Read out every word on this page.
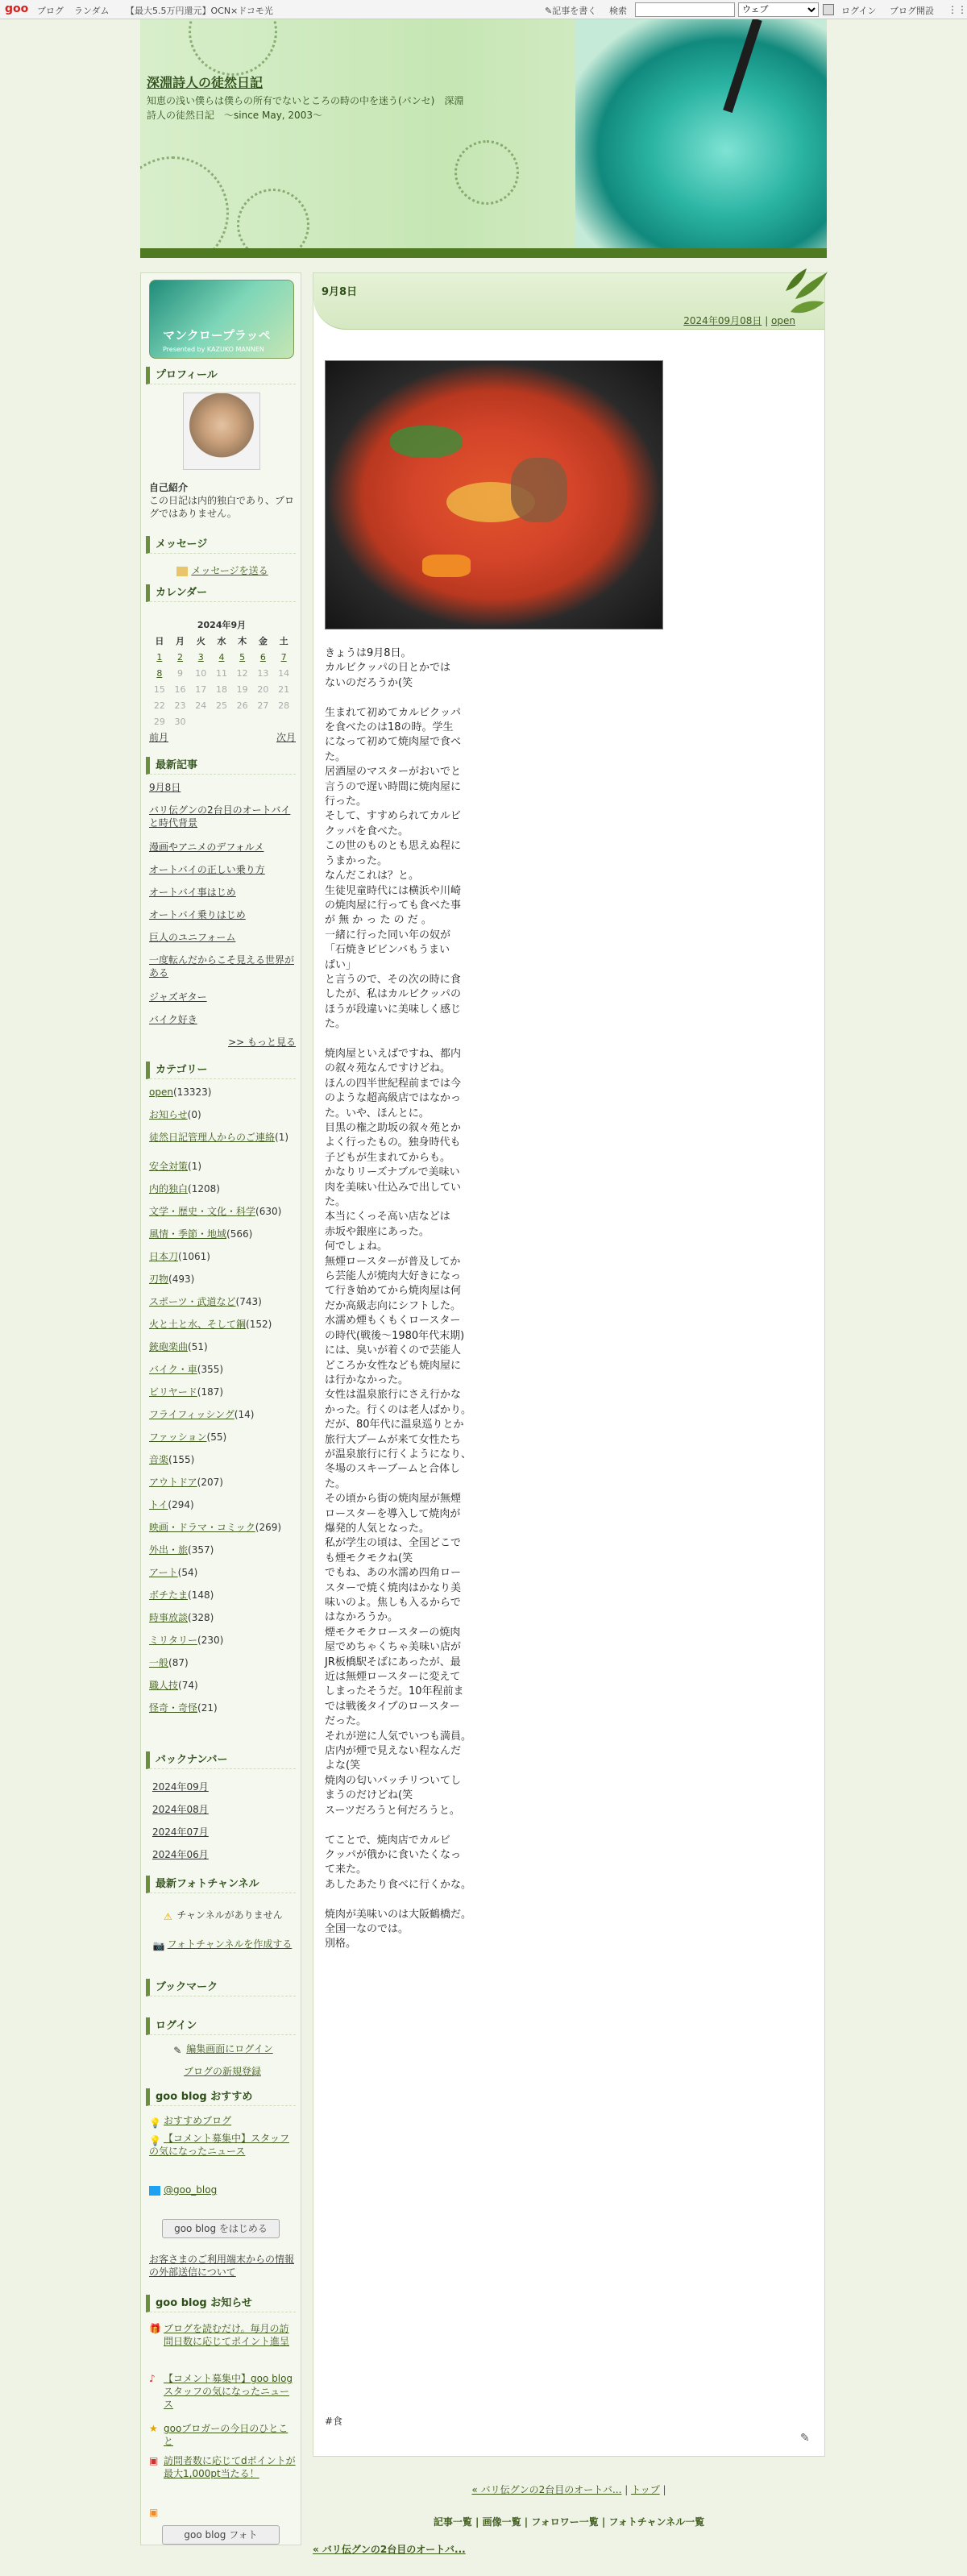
goo ブログ ランダム 【最大5.5万円還元】OCN×ドコモ光	✎記事を書く 検索
ウェブ	ログイン ブログ開設 ⋮⋮
深淵詩人の徒然日記
知恵の浅い僕らは僕らの所有でないところの時の中を迷う(パンセ)　深淵詩人の徒然日記　～since May, 2003～
マンクロープラッペ
Presented by KAZUKO MANNEN
プロフィール
自己紹介
この日記は内的独白であり、ブログではありません。
メッセージ
メッセージを送る
カレンダー
2024年9月						
日	月	火	水	木	金	土
1	2	3	4	5	6	7
8	9	10	11	12	13	14
15	16	17	18	19	20	21
22	23	24	25	26	27	28
29	30					
前月	次月
最新記事
9月8日
バリ伝グンの2台目のオートバイと時代背景
漫画やアニメのデフォルメ
オートバイの正しい乗り方
オートバイ事はじめ
オートバイ乗りはじめ
巨人のユニフォーム
一度転んだからこそ見える世界がある
ジャズギター
バイク好き
>> もっと見る
カテゴリー
open(13323)
お知らせ(0)
徒然日記管理人からのご連絡(1)
安全対策(1)
内的独白(1208)
文学・歴史・文化・科学(630)
風情・季節・地域(566)
日本刀(1061)
刃物(493)
スポーツ・武道など(743)
火と土と水、そして鋼(152)
銃砲楽曲(51)
バイク・車(355)
ビリヤード(187)
フライフィッシング(14)
ファッション(55)
音楽(155)
アウトドア(207)
トイ(294)
映画・ドラマ・コミック(269)
外出・旅(357)
アート(54)
ボチたま(148)
時事放談(328)
ミリタリー(230)
一般(87)
職人技(74)
怪奇・奇怪(21)
バックナンバー
2024年09月
2024年08月
2024年07月
2024年06月
最新フォトチャンネル
⚠ チャンネルがありません
📷 フォトチャンネルを作成する
ブックマーク
ログイン
✎ 編集画面にログイン
ブログの新規登録
goo blog おすすめ
💡 おすすめブログ
💡 【コメント募集中】スタッフの気になったニュース
@goo_blog
goo blog をはじめる
お客さまのご利用端末からの情報の外部送信について
goo blog お知らせ
🎁 ブログを読むだけ。毎月の訪問日数に応じてポイント進呈
♪ 【コメント募集中】goo blogスタッフの気になったニュース
★ gooブロガーの今日のひとこと
▣ 訪問者数に応じてdポイントが最大1,000pt当たる！
▣
goo blog フォト
9月8日
2024年09月08日 | open
きょうは9月8日。
カルビクッパの日とかでは
ないのだろうか(笑

生まれて初めてカルビクッパ
を食べたのは18の時。学生
になって初めて焼肉屋で食べ
た。
居酒屋のマスターがおいでと
言うので遅い時間に焼肉屋に
行った。
そして、すすめられてカルビ
クッパを食べた。
この世のものとも思えぬ程に
うまかった。
なんだこれは？と。
生徒児童時代には横浜や川崎
の焼肉屋に行っても食べた事
が 無 か っ た の だ 。
一緒に行った同い年の奴が
「石焼きビビンバもうまい
ぱい」
と言うので、その次の時に食
したが、私はカルビクッパの
ほうが段違いに美味しく感じ
た。

焼肉屋といえばですね、都内
の叙々苑なんですけどね。
ほんの四半世紀程前までは今
のような超高級店ではなかっ
た。いや、ほんとに。
目黒の権之助坂の叙々苑とか
よく行ったもの。独身時代も
子どもが生まれてからも。
かなりリーズナブルで美味い
肉を美味い仕込みで出してい
た。
本当にくっそ高い店などは
赤坂や銀座にあった。
何でしょね。
無煙ロースターが普及してか
ら芸能人が焼肉大好きになっ
て行き始めてから焼肉屋は何
だか高級志向にシフトした。
水濡め煙もくもくロースター
の時代(戦後～1980年代末期)
には、臭いが着くので芸能人
どころか女性なども焼肉屋に
は行かなかった。
女性は温泉旅行にさえ行かな
かった。行くのは老人ばかり。
だが、80年代に温泉巡りとか
旅行大ブームが来て女性たち
が温泉旅行に行くようになり、
冬場のスキーブームと合体し
た。
その頃から街の焼肉屋が無煙
ロースターを導入して焼肉が
爆発的人気となった。
私が学生の頃は、全国どこで
も煙モクモクね(笑
でもね、あの水濡め四角ロー
スターで焼く焼肉はかなり美
味いのよ。焦しも入るからで
はなかろうか。
煙モクモクロースターの焼肉
屋でめちゃくちゃ美味い店が
JR板橋駅そばにあったが、最
近は無煙ロースターに変えて
しまったそうだ。10年程前ま
では戦後タイプのロースター
だった。
それが逆に人気でいつも満員。
店内が煙で見えない程なんだ
よな(笑
焼肉の匂いバッチリついてし
まうのだけどね(笑
スーツだろうと何だろうと。

てことで、焼肉店でカルビ
クッパが俄かに食いたくなっ
て来た。
あしたあたり食べに行くかな。

焼肉が美味いのは大阪鶴橋だ。
全国一なのでは。
別格。
#食
✎
« バリ伝グンの2台目のオートバ... | トップ |
記事一覧 | 画像一覧 | フォロワー一覧 | フォトチャンネル一覧
« バリ伝グンの2台目のオートバ...
